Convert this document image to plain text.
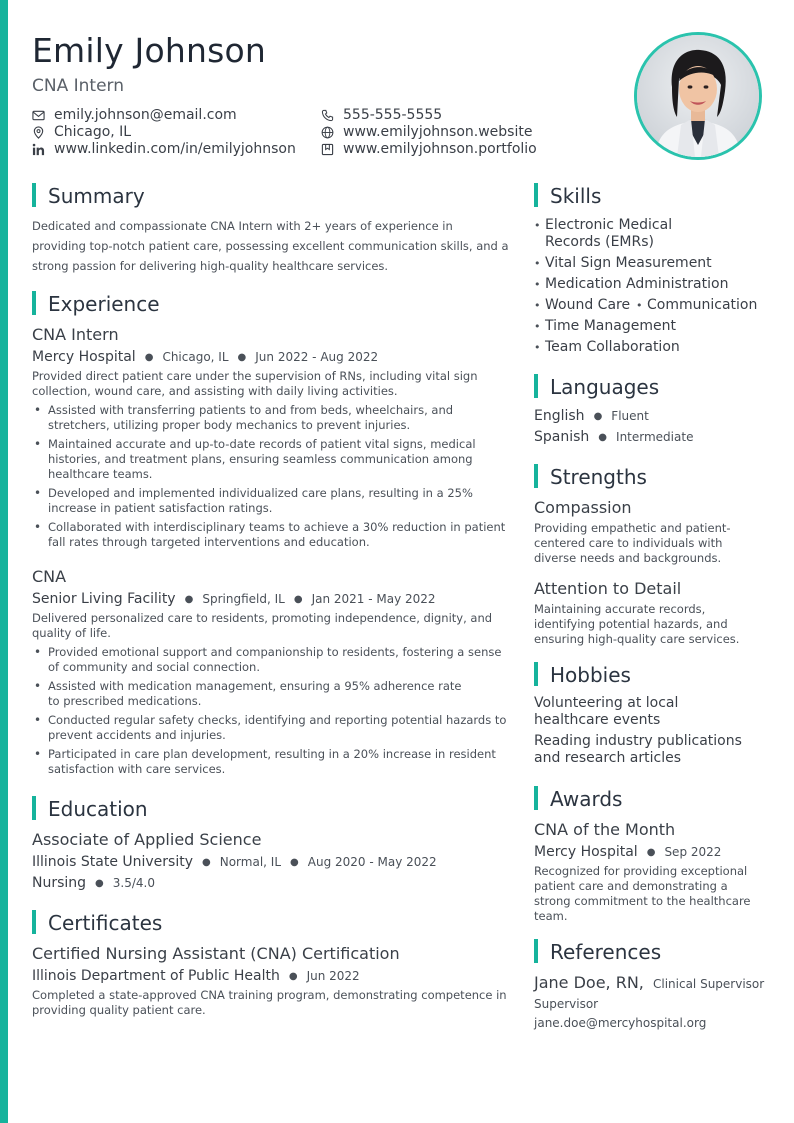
Emily Johnson
CNA Intern
emily.johnson@email.com	555-555-5555
Chicago, IL	www.emilyjohnson.website
www.linkedin.com/in/emilyjohnson	www.emilyjohnson.portfolio
Summary
Dedicated and compassionate CNA Intern with 2+ years of experience in providing top-notch patient care, possessing excellent communication skills, and a strong passion for delivering high-quality healthcare services.
Experience
CNA Intern
Mercy Hospital ● Chicago, IL ● Jun 2022 - Aug 2022
Provided direct patient care under the supervision of RNs, including vital sign collection, wound care, and assisting with daily living activities.
• Assisted with transferring patients to and from beds, wheelchairs, and stretchers, utilizing proper body mechanics to prevent injuries.
• Maintained accurate and up-to-date records of patient vital signs, medical histories, and treatment plans, ensuring seamless communication among healthcare teams.
• Developed and implemented individualized care plans, resulting in a 25% increase in patient satisfaction ratings.
• Collaborated with interdisciplinary teams to achieve a 30% reduction in patient fall rates through targeted interventions and education.
CNA
Senior Living Facility ● Springfield, IL ● Jan 2021 - May 2022
Delivered personalized care to residents, promoting independence, dignity, and quality of life.
• Provided emotional support and companionship to residents, fostering a sense of community and social connection.
• Assisted with medication management, ensuring a 95% adherence rate to prescribed medications.
• Conducted regular safety checks, identifying and reporting potential hazards to prevent accidents and injuries.
• Participated in care plan development, resulting in a 20% increase in resident satisfaction with care services.
Education
Associate of Applied Science
Illinois State University ● Normal, IL ● Aug 2020 - May 2022
Nursing ● 3.5/4.0
Certificates
Certified Nursing Assistant (CNA) Certification
Illinois Department of Public Health ● Jun 2022
Completed a state-approved CNA training program, demonstrating competence in providing quality patient care.
Skills
• Electronic Medical Records (EMRs)
• Vital Sign Measurement
• Medication Administration
• Wound Care • Communication
• Time Management
• Team Collaboration
Languages
English ● Fluent
Spanish ● Intermediate
Strengths
Compassion
Providing empathetic and patient-centered care to individuals with diverse needs and backgrounds.
Attention to Detail
Maintaining accurate records, identifying potential hazards, and ensuring high-quality care services.
Hobbies
Volunteering at local healthcare events
Reading industry publications and research articles
Awards
CNA of the Month
Mercy Hospital ● Sep 2022
Recognized for providing exceptional patient care and demonstrating a strong commitment to the healthcare team.
References
Jane Doe, RN, Clinical Supervisor
Supervisor
jane.doe@mercyhospital.org
